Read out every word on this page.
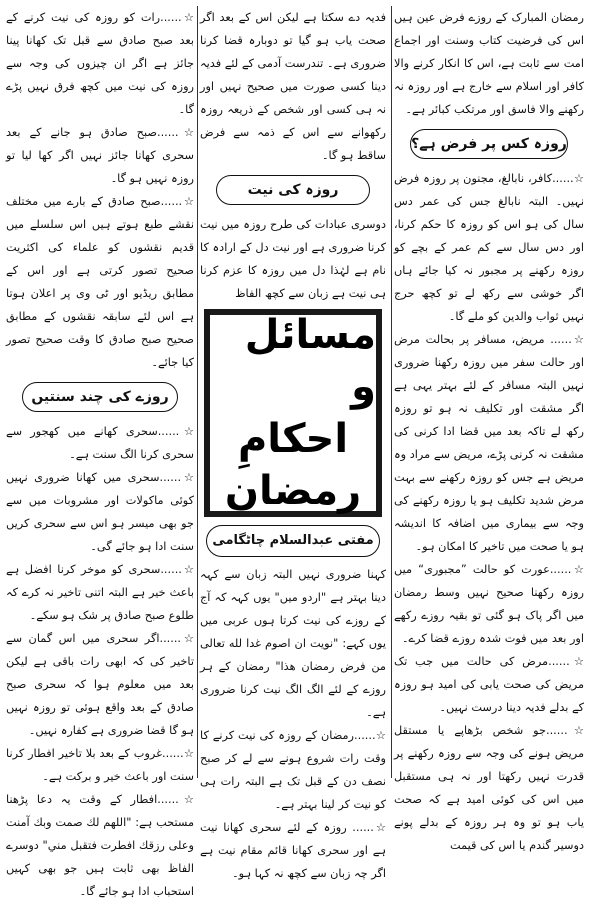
رمضان المبارک کے روزے فرض عین ہیں اس کی فرضیت کتاب وسنت اور اجماع امت سے ثابت ہے، اس کا انکار کرنے والا کافر اور اسلام سے خارج ہے اور روزہ نہ رکھنے والا فاسق اور مرتکب کبائر ہے۔

روزہ کس پر فرض ہے؟

☆......کافر، نابالغ، مجنون پر روزہ فرض نہیں۔ البتہ نابالغ جس کی عمر دس سال کی ہو اس کو روزہ کا حکم کرنا، اور دس سال سے کم عمر کے بچے کو روزہ رکھنے پر مجبور نہ کیا جائے ہاں اگر خوشی سے رکھ لے تو کچھ حرج نہیں ثواب والدین کو ملے گا۔

☆...... مریض، مسافر پر بحالت مرض اور حالت سفر میں روزہ رکھنا ضروری نہیں البتہ مسافر کے لئے بہتر یہی ہے اگر مشقت اور تکلیف نہ ہو تو روزہ رکھ لے تاکہ بعد میں قضا ادا کرنی کی مشقت نہ کرنی پڑے، مریض سے مراد وہ مریض ہے جس کو روزہ رکھنے سے بہت مرض شدید تکلیف ہو یا روزہ رکھنے کی وجہ سے بیماری میں اضافہ کا اندیشہ ہو یا صحت میں تاخیر کا امکان ہو۔

☆......عورت کو حالت ”مجبوری“ میں روزہ رکھنا صحیح نہیں وسط رمضان میں اگر پاک ہو گئی تو بقیہ روزے رکھے اور بعد میں فوت شدہ روزے قضا کرے۔

☆......مرض کی حالت میں جب تک مریض کی صحت یابی کی امید ہو روزہ کے بدلے فدیہ دینا درست نہیں۔

☆......جو شخص بڑھاپے یا مستقل مریض ہونے کی وجہ سے روزہ رکھنے پر قدرت نہیں رکھتا اور نہ ہی مستقبل میں اس کی کوئی امید ہے کہ صحت یاب ہو تو وہ ہر روزہ کے بدلے پونے دوسیر گندم یا اس کی قیمت

فدیہ دے سکتا ہے لیکن اس کے بعد اگر صحت یاب ہو گیا تو دوبارہ قضا کرنا ضروری ہے۔ تندرست آدمی کے لئے فدیہ دینا کسی صورت میں صحیح نہیں اور نہ ہی کسی اور شخص کے ذریعہ روزہ رکھوانے سے اس کے ذمہ سے فرض ساقط ہو گا۔

روزہ کی نیت

دوسری عبادات کی طرح روزہ میں نیت کرنا ضروری ہے اور نیت دل کے ارادہ کا نام ہے لہٰذا دل میں روزہ کا عزم کرنا ہی نیت ہے زبان سے کچھ الفاظ

مسائل و
احکامِ
رمضان
مفتی عبدالسلام چاٹگامی

کہنا ضروری نہیں البتہ زبان سے کہہ دینا بہتر ہے "اردو میں" یوں کہہ کہ آج کے روزے کی نیت کرتا ہوں عربی میں یوں کہے: "نویت ان اصوم غدا لله تعالى من فرض رمضان هذا" رمضان کے ہر روزے کے لئے الگ الگ نیت کرنا ضروری ہے۔

☆......رمضان کے روزہ کی نیت کرنے کا وقت رات شروع ہونے سے لے کر صبح نصف دن کے قبل تک ہے البتہ رات ہی کو نیت کر لینا بہتر ہے۔

☆...... روزہ کے لئے سحری کھانا نیت ہے اور سحری کھانا قائم مقام نیت ہے اگر چہ زبان سے کچھ نہ کہا ہو۔

☆......رات کو روزہ کی نیت کرنے کے بعد صبح صادق سے قبل تک کھانا پینا جائز ہے اگر ان چیزوں کی وجہ سے روزہ کی نیت میں کچھ فرق نہیں پڑے گا۔

☆......صبح صادق ہو جانے کے بعد سحری کھانا جائز نہیں اگر کھا لیا تو روزہ نہیں ہو گا۔

☆......صبح صادق کے بارے میں مختلف نقشے طبع ہوتے ہیں اس سلسلے میں قدیم نقشوں کو علماء کی اکثریت صحیح تصور کرتی ہے اور اس کے مطابق ریڈیو اور ٹی وی پر اعلان ہوتا ہے اس لئے سابقہ نقشوں کے مطابق صحیح صبح صادق کا وقت صحیح تصور کیا جائے۔

روزے کی چند سنتیں

☆......سحری کھانے میں کھجور سے سحری کرنا الگ سنت ہے۔

☆......سحری میں کھانا ضروری نہیں کوئی ماکولات اور مشروبات میں سے جو بھی میسر ہو اس سے سحری کریں سنت ادا ہو جائے گی۔

☆......سحری کو موخر کرنا افضل ہے باعث خیر ہے البتہ اتنی تاخیر نہ کرے کہ طلوع صبح صادق پر شک ہو سکے۔

☆......اگر سحری میں اس گمان سے تاخیر کی کہ ابھی رات باقی ہے لیکن بعد میں معلوم ہوا کہ سحری صبح صادق کے بعد واقع ہوئی تو روزہ نہیں ہو گا قضا ضروری ہے کفارہ نہیں۔

☆......غروب کے بعد بلا تاخیر افطار کرنا سنت اور باعث خیر و برکت ہے۔

☆......افطار کے وقت یہ دعا پڑھنا مستحب ہے: "اللهم لك صمت وبك آمنت وعلى رزقك افطرت فتقبل مني" دوسرے الفاظ بھی ثابت ہیں جو بھی کہیں استحباب ادا ہو جائے گا۔
